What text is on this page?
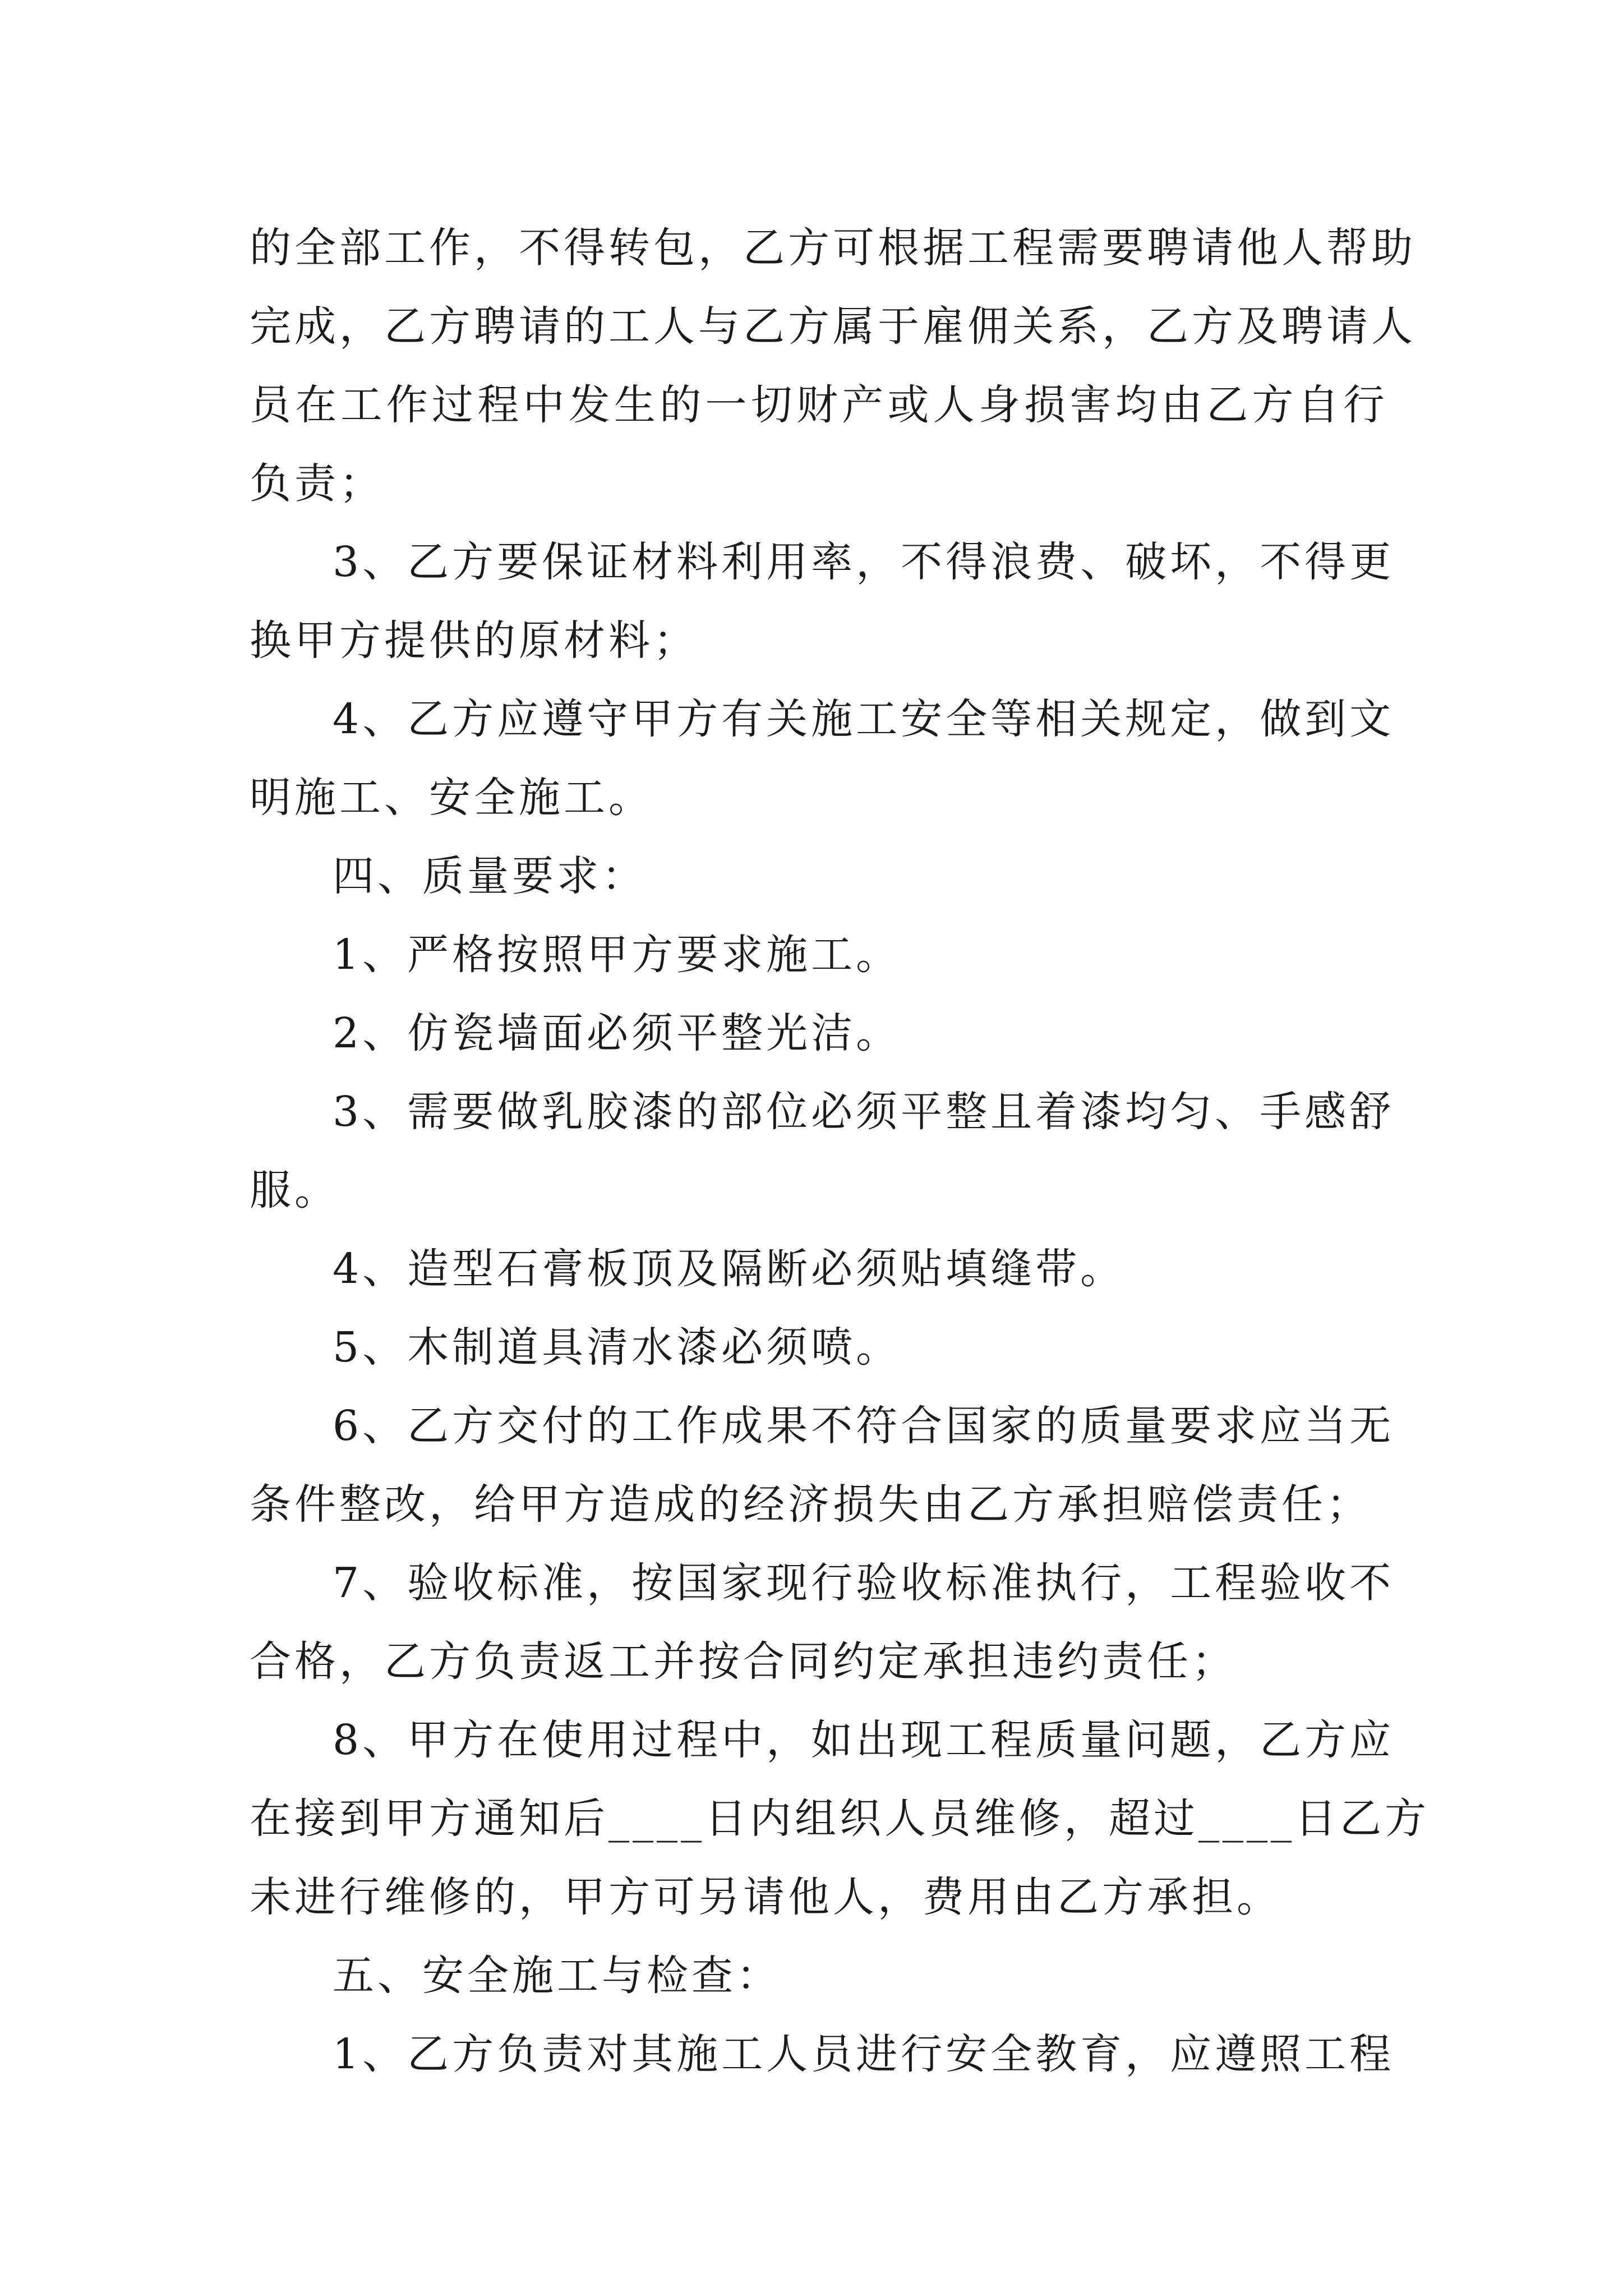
的全部工作，不得转包，乙方可根据工程需要聘请他人帮助
完成，乙方聘请的工人与乙方属于雇佣关系，乙方及聘请人
员在工作过程中发生的一切财产或人身损害均由乙方自行
负责；
3、乙方要保证材料利用率，不得浪费、破坏，不得更
换甲方提供的原材料；
4、乙方应遵守甲方有关施工安全等相关规定，做到文
明施工、安全施工。
四、质量要求：
1、严格按照甲方要求施工。
2、仿瓷墙面必须平整光洁。
3、需要做乳胶漆的部位必须平整且着漆均匀、手感舒
服。
4、造型石膏板顶及隔断必须贴填缝带。
5、木制道具清水漆必须喷。
6、乙方交付的工作成果不符合国家的质量要求应当无
条件整改，给甲方造成的经济损失由乙方承担赔偿责任；
7、验收标准，按国家现行验收标准执行，工程验收不
合格，乙方负责返工并按合同约定承担违约责任；
8、甲方在使用过程中，如出现工程质量问题，乙方应
在接到甲方通知后____日内组织人员维修，超过____日乙方
未进行维修的，甲方可另请他人，费用由乙方承担。
五、安全施工与检查：
1、乙方负责对其施工人员进行安全教育，应遵照工程
